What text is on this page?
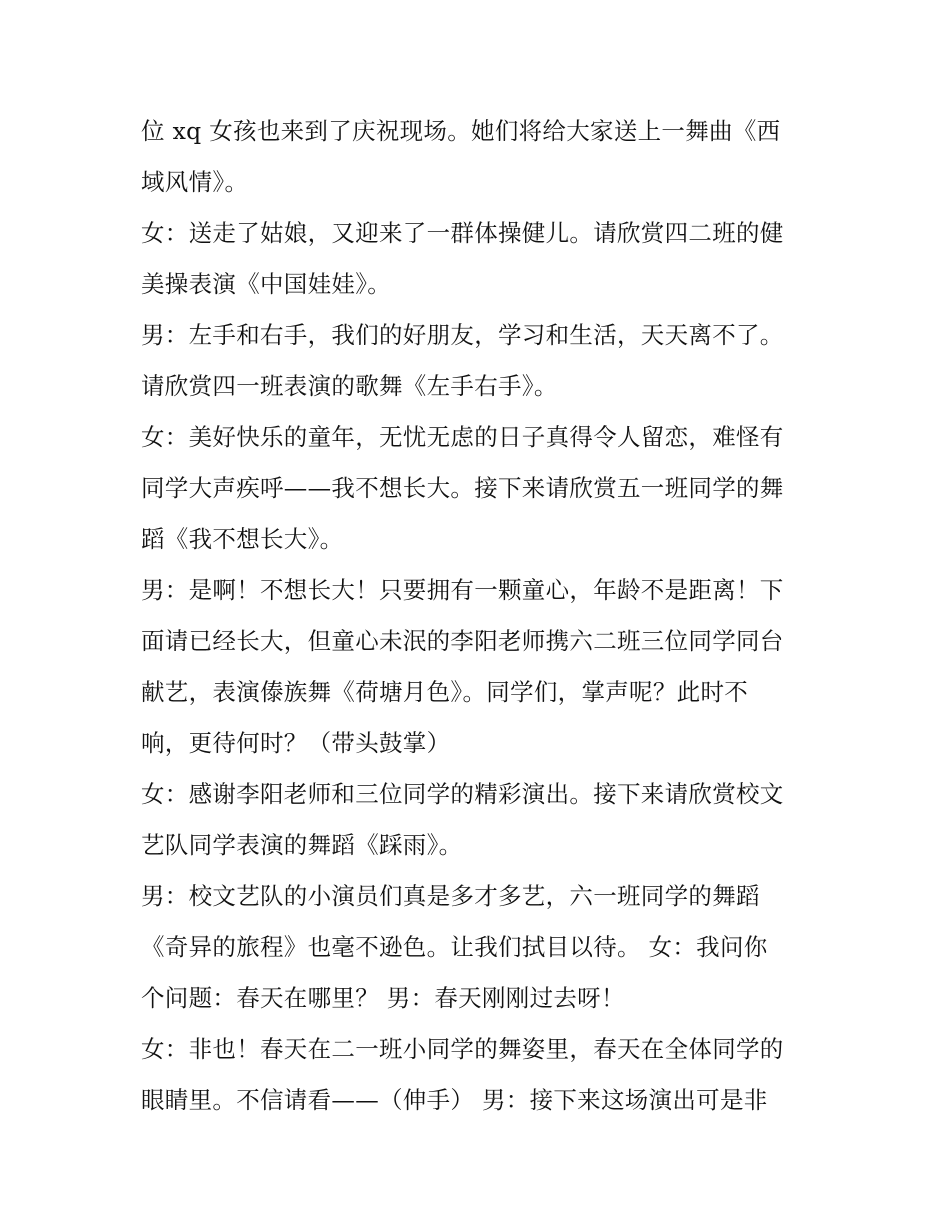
位 xq 女孩也来到了庆祝现场。她们将给大家送上一舞曲《西
域风情》。
女：送走了姑娘，又迎来了一群体操健儿。请欣赏四二班的健
美操表演《中国娃娃》。
男：左手和右手，我们的好朋友，学习和生活，天天离不了。
请欣赏四一班表演的歌舞《左手右手》。
女：美好快乐的童年，无忧无虑的日子真得令人留恋，难怪有
同学大声疾呼——我不想长大。接下来请欣赏五一班同学的舞
蹈《我不想长大》。
男：是啊！不想长大！只要拥有一颗童心，年龄不是距离！下
面请已经长大，但童心未泯的李阳老师携六二班三位同学同台
献艺，表演傣族舞《荷塘月色》。同学们，掌声呢？此时不
响，更待何时？（带头鼓掌）
女：感谢李阳老师和三位同学的精彩演出。接下来请欣赏校文
艺队同学表演的舞蹈《踩雨》。
男：校文艺队的小演员们真是多才多艺，六一班同学的舞蹈
《奇异的旅程》也毫不逊色。让我们拭目以待。 女：我问你
个问题：春天在哪里？ 男：春天刚刚过去呀！
女：非也！春天在二一班小同学的舞姿里，春天在全体同学的
眼睛里。不信请看——（伸手） 男：接下来这场演出可是非
